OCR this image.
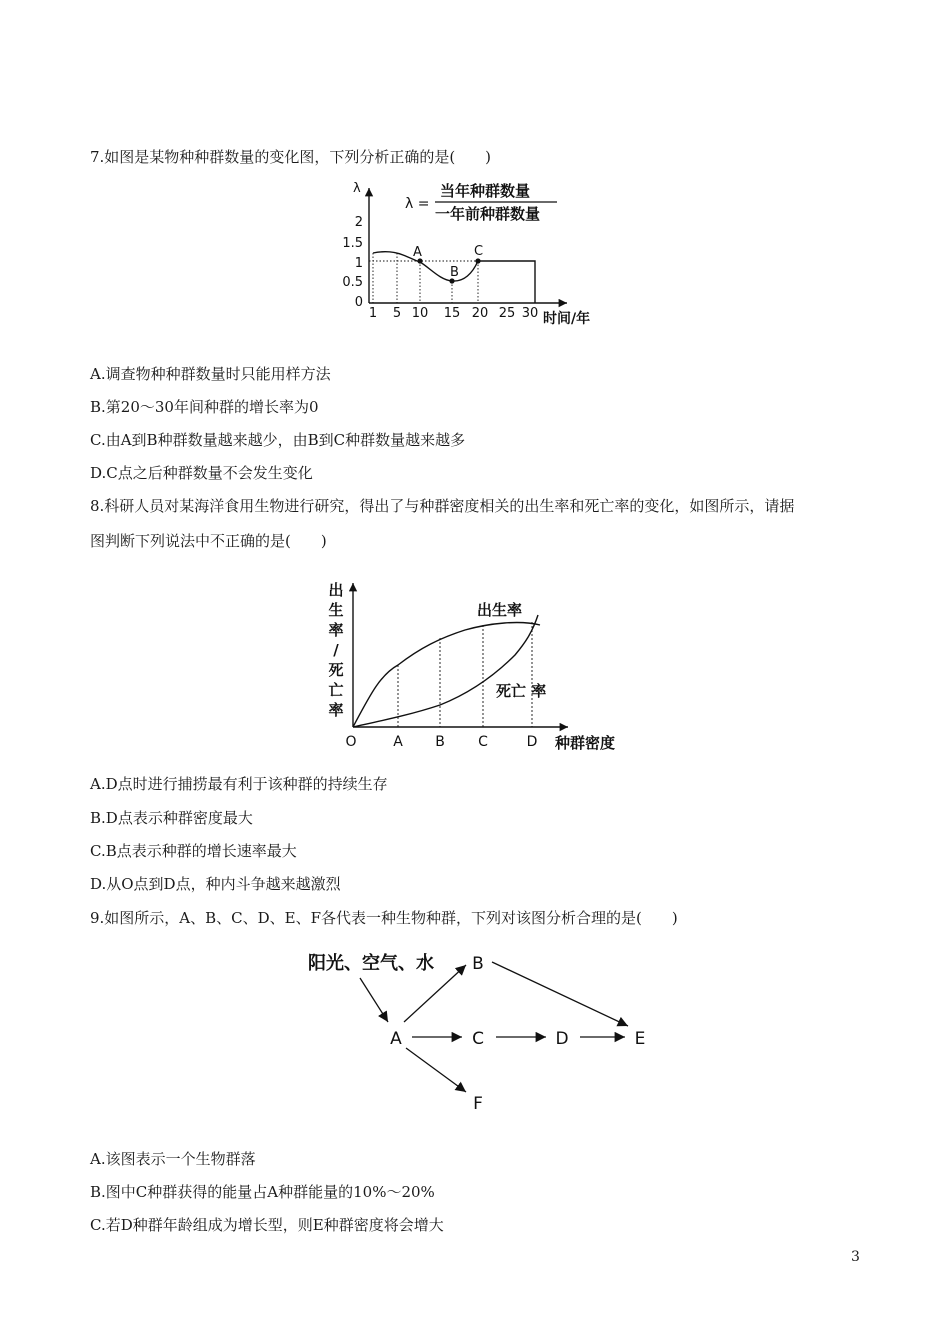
7.如图是某物种种群数量的变化图，下列分析正确的是(　　)
λ
2
1.5
1
0.5
0
1 5 10 15 20 25 30 时间/年
A
B
C
λ =
当年种群数量
一年前种群数量
A.调查物种种群数量时只能用样方法
B.第20～30年间种群的增长率为0
C.由A到B种群数量越来越少，由B到C种群数量越来越多
D.C点之后种群数量不会发生变化
8.科研人员对某海洋食用生物进行研究，得出了与种群密度相关的出生率和死亡率的变化，如图所示，请据
图判断下列说法中不正确的是(　　)
出
生
率
/
死
亡
率
出生率
死亡 率
O	A B C	D 种群密度
A.D点时进行捕捞最有利于该种群的持续生存
B.D点表示种群密度最大
C.B点表示种群的增长速率最大
D.从O点到D点，种内斗争越来越激烈
9.如图所示，A、B、C、D、E、F各代表一种生物种群，下列对该图分析合理的是(　　)
阳光、空气、水
A
B
C	D	E
F
A.该图表示一个生物群落
B.图中C种群获得的能量占A种群能量的10%～20%
C.若D种群年龄组成为增长型，则E种群密度将会增大
3
